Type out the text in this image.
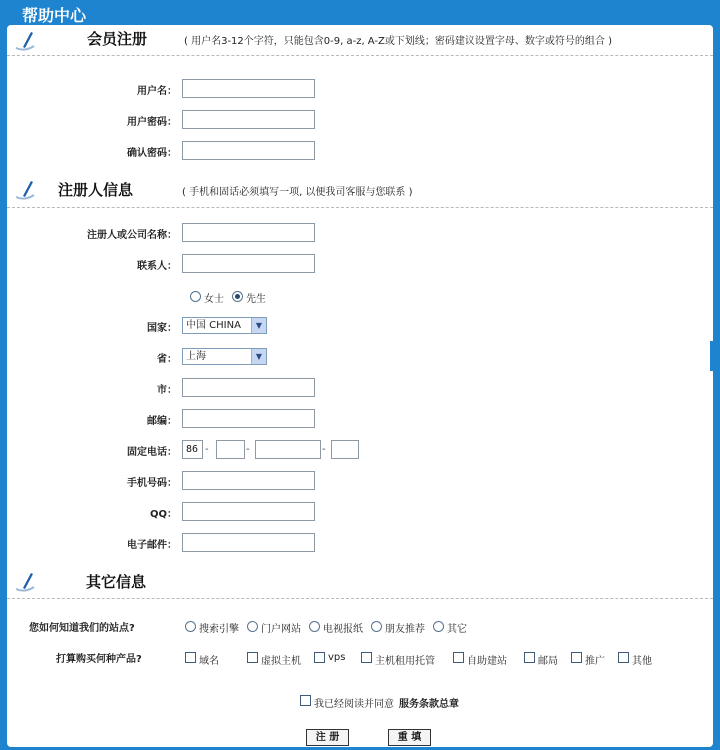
帮助中心
会员注册	( 用户名3-12个字符，只能包含0-9, a-z, A-Z或下划线；密码建议设置字母、数字或符号的组合 )
用户名：
用户密码：
确认密码：
注册人信息	( 手机和固话必须填写一项, 以便我司客服与您联系 )
注册人或公司名称：
联系人：
女士 先生
国家： 中国 CHINA	▼
省： 上海	▼
市：
邮编：
固定电话：
86	-	-	-
手机号码：
QQ：
电子邮件：
其它信息
您如何知道我们的站点?	搜索引擎 门户网站 电视报纸 朋友推荐 其它
打算购买何种产品?	域名	虚拟主机	vps	主机租用托管	自助建站	邮局	推广	其他
我已经阅读并同意 服务条款总章
注 册	重 填
